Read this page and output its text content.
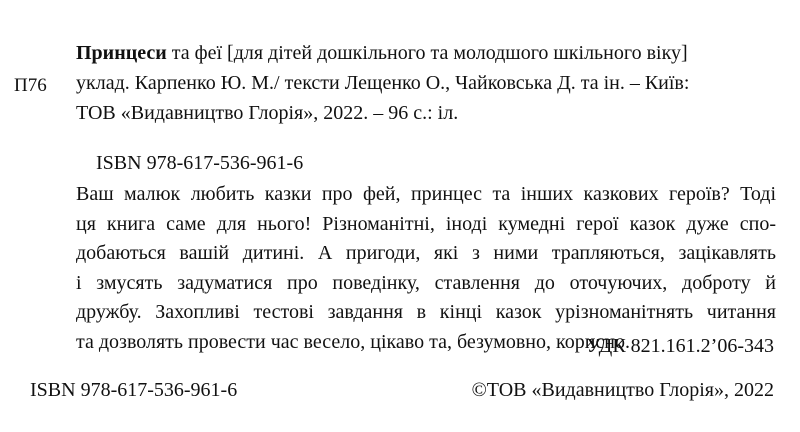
П76
Принцеси та феї [для дітей дошкільного та молодшого шкільного віку]
уклад. Карпенко Ю. М./ тексти Лещенко О., Чайковська Д. та ін. – Київ:
ТОВ «Видавництво Глорія», 2022. – 96 с.: іл.
ISBN 978-617-536-961-6
Ваш малюк любить казки про фей, принцес та інших казкових героїв? Тоді
ця книга саме для нього! Різноманітні, іноді кумедні герої казок дуже спо-
добаються вашій дитині. А пригоди, які з ними трапляються, зацікавлять
і змусять задуматися про поведінку, ставлення до оточуючих, доброту й
дружбу. Захопливі тестові завдання в кінці казок урізноманітнять читання
та дозволять провести час весело, цікаво та, безумовно, корисно.
УДК 821.161.2’06-343
ISBN 978-617-536-961-6	©ТОВ «Видавництво Глорія», 2022
